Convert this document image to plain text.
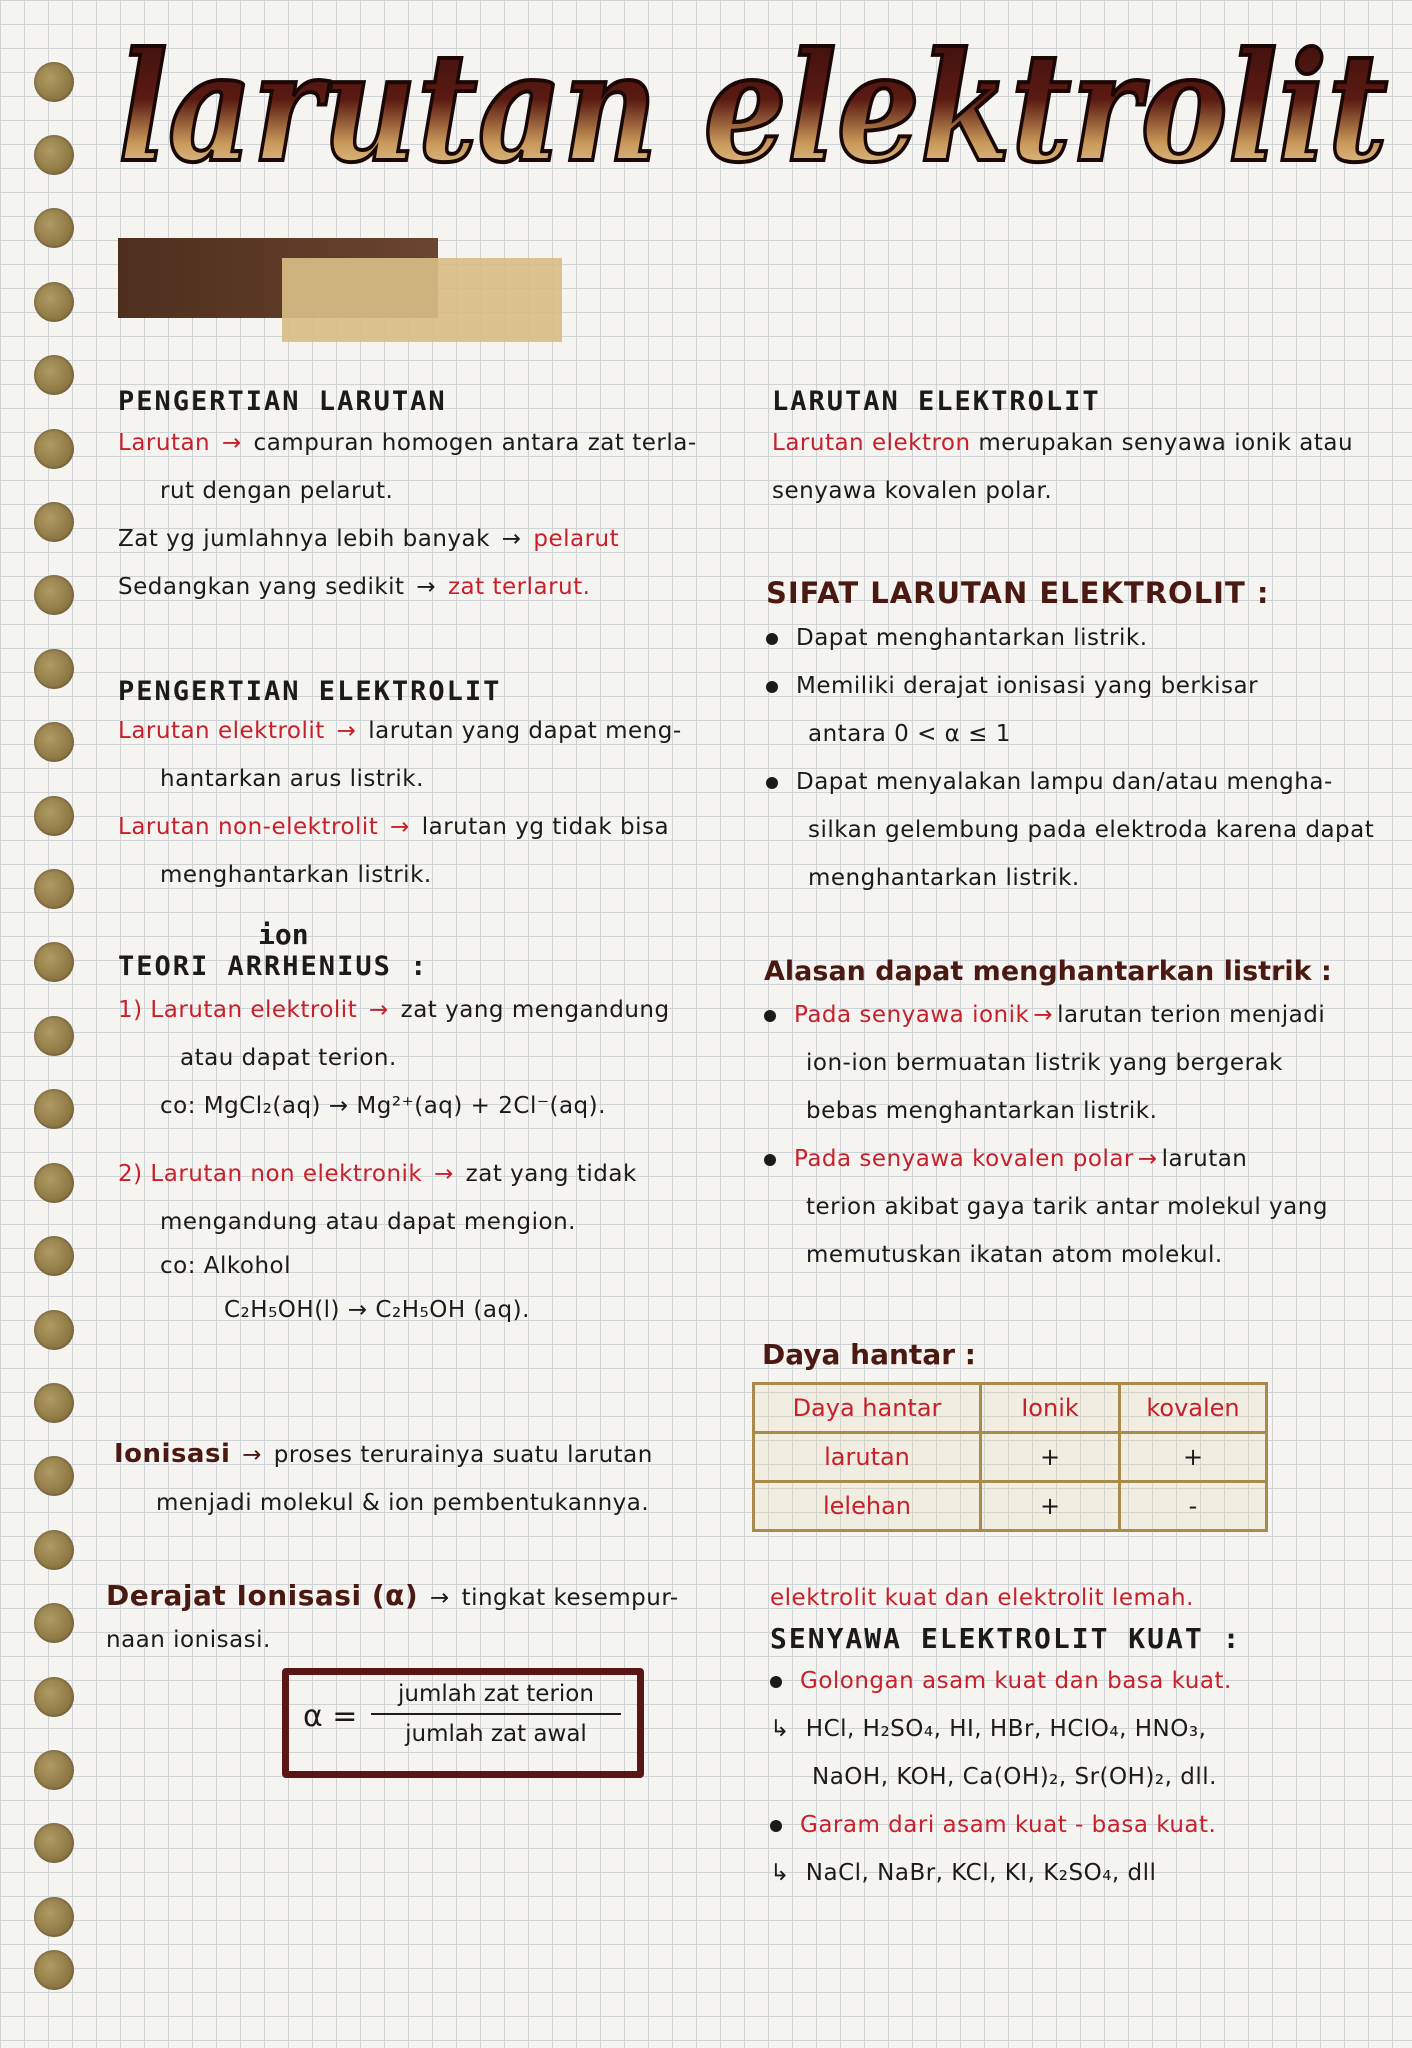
larutan elektrolit
PENGERTIAN LARUTAN
Larutan → campuran homogen antara zat terla-
rut dengan pelarut.
Zat yg jumlahnya lebih banyak → pelarut
Sedangkan yang sedikit → zat terlarut.
PENGERTIAN ELEKTROLIT
Larutan elektrolit → larutan yang dapat meng-
hantarkan arus listrik.
Larutan non-elektrolit → larutan yg tidak bisa
menghantarkan listrik.
ion
TEORI ARRHENIUS :
1) Larutan elektrolit → zat yang mengandung
atau dapat terion.
co: MgCl₂(aq) → Mg²⁺(aq) + 2Cl⁻(aq).
2) Larutan non elektronik → zat yang tidak
mengandung atau dapat mengion.
co: Alkohol
C₂H₅OH(l) → C₂H₅OH (aq).
Ionisasi → proses terurainya suatu larutan
menjadi molekul & ion pembentukannya.
Derajat Ionisasi (α) → tingkat kesempur-
naan ionisasi.
α =
jumlah zat terion
jumlah zat awal
LARUTAN ELEKTROLIT
Larutan elektron merupakan senyawa ionik atau
senyawa kovalen polar.
SIFAT LARUTAN ELEKTROLIT :
Dapat menghantarkan listrik.
Memiliki derajat ionisasi yang berkisar
antara 0 < α ≤ 1
Dapat menyalakan lampu dan/atau mengha-
silkan gelembung pada elektroda karena dapat
menghantarkan listrik.
Alasan dapat menghantarkan listrik :
Pada senyawa ionik → larutan terion menjadi
ion-ion bermuatan listrik yang bergerak
bebas menghantarkan listrik.
Pada senyawa kovalen polar → larutan
terion akibat gaya tarik antar molekul yang
memutuskan ikatan atom molekul.
Daya hantar :
Daya hantar	Ionik	kovalen
larutan	+	+
lelehan	+	-
elektrolit kuat dan elektrolit lemah.
SENYAWA ELEKTROLIT KUAT :
Golongan asam kuat dan basa kuat.
↳ HCl, H₂SO₄, HI, HBr, HClO₄, HNO₃,
NaOH, KOH, Ca(OH)₂, Sr(OH)₂, dll.
Garam dari asam kuat - basa kuat.
↳ NaCl, NaBr, KCl, KI, K₂SO₄, dll
